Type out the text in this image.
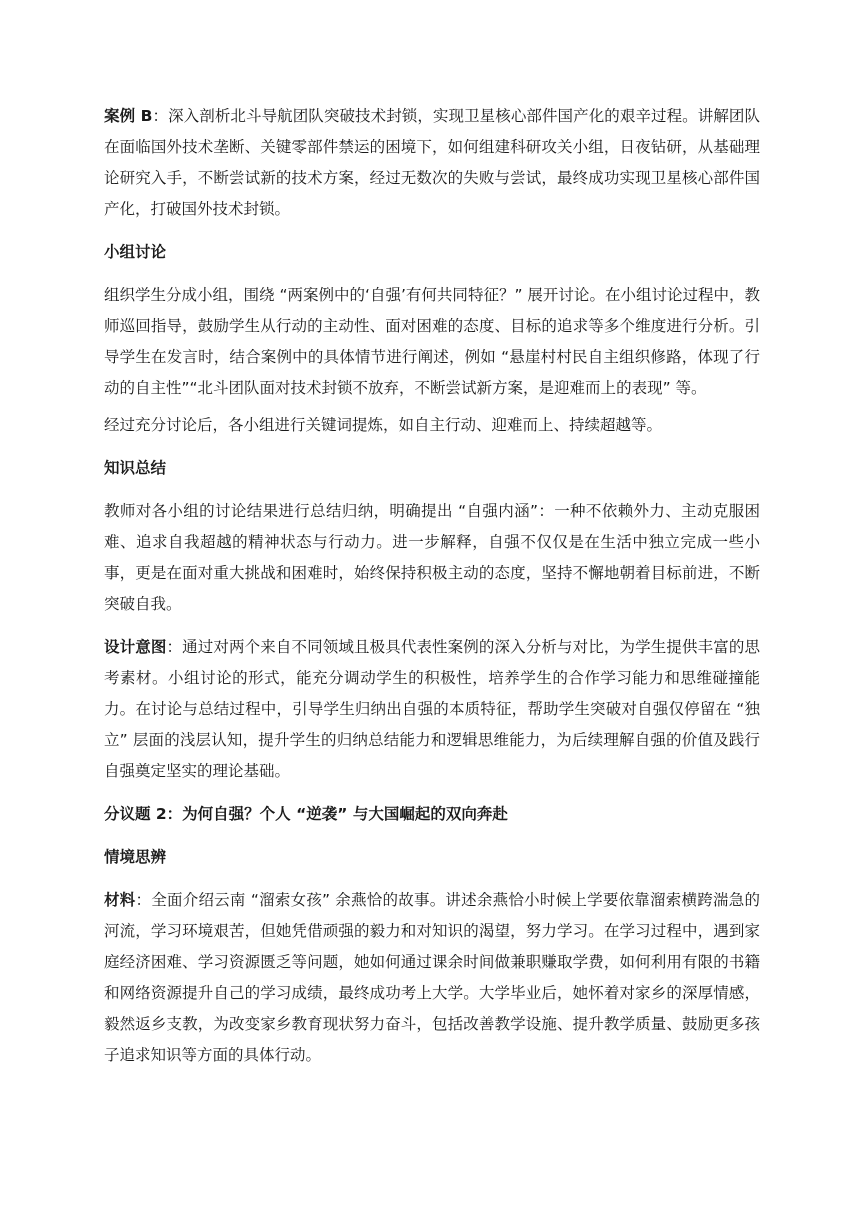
案例 B：深入剖析北斗导航团队突破技术封锁，实现卫星核心部件国产化的艰辛过程。讲解团队在面临国外技术垄断、关键零部件禁运的困境下，如何组建科研攻关小组，日夜钻研，从基础理论研究入手，不断尝试新的技术方案，经过无数次的失败与尝试，最终成功实现卫星核心部件国产化，打破国外技术封锁。

小组讨论

组织学生分成小组，围绕 “两案例中的‘自强’有何共同特征？” 展开讨论。在小组讨论过程中，教师巡回指导，鼓励学生从行动的主动性、面对困难的态度、目标的追求等多个维度进行分析。引导学生在发言时，结合案例中的具体情节进行阐述，例如 “悬崖村村民自主组织修路，体现了行动的自主性”“北斗团队面对技术封锁不放弃，不断尝试新方案，是迎难而上的表现” 等。

经过充分讨论后，各小组进行关键词提炼，如自主行动、迎难而上、持续超越等。

知识总结

教师对各小组的讨论结果进行总结归纳，明确提出 “自强内涵”：一种不依赖外力、主动克服困难、追求自我超越的精神状态与行动力。进一步解释，自强不仅仅是在生活中独立完成一些小事，更是在面对重大挑战和困难时，始终保持积极主动的态度，坚持不懈地朝着目标前进，不断突破自我。

设计意图：通过对两个来自不同领域且极具代表性案例的深入分析与对比，为学生提供丰富的思考素材。小组讨论的形式，能充分调动学生的积极性，培养学生的合作学习能力和思维碰撞能力。在讨论与总结过程中，引导学生归纳出自强的本质特征，帮助学生突破对自强仅停留在 “独立” 层面的浅层认知，提升学生的归纳总结能力和逻辑思维能力，为后续理解自强的价值及践行自强奠定坚实的理论基础。

分议题 2：为何自强？个人 “逆袭” 与大国崛起的双向奔赴
情境思辨

材料：全面介绍云南 “溜索女孩” 余燕恰的故事。讲述余燕恰小时候上学要依靠溜索横跨湍急的河流，学习环境艰苦，但她凭借顽强的毅力和对知识的渴望，努力学习。在学习过程中，遇到家庭经济困难、学习资源匮乏等问题，她如何通过课余时间做兼职赚取学费，如何利用有限的书籍和网络资源提升自己的学习成绩，最终成功考上大学。大学毕业后，她怀着对家乡的深厚情感，毅然返乡支教，为改变家乡教育现状努力奋斗，包括改善教学设施、提升教学质量、鼓励更多孩子追求知识等方面的具体行动。
